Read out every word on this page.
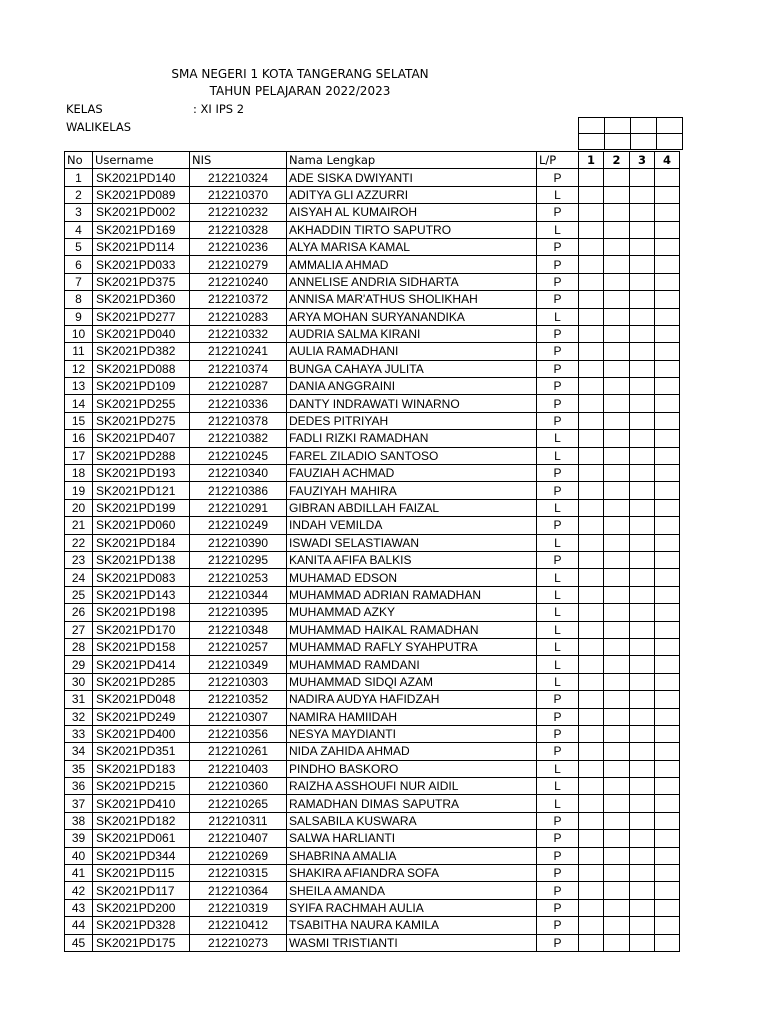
SMA NEGERI 1 KOTA TANGERANG SELATAN
TAHUN PELAJARAN 2022/2023
KELAS	: XI IPS 2
WALIKELAS

No	Username	NIS	Nama Lengkap	L/P	1	2	3	4
1	SK2021PD140	212210324	ADE SISKA DWIYANTI	P				
2	SK2021PD089	212210370	ADITYA GLI AZZURRI	L				
3	SK2021PD002	212210232	AISYAH AL KUMAIROH	P				
4	SK2021PD169	212210328	AKHADDIN TIRTO SAPUTRO	L				
5	SK2021PD114	212210236	ALYA MARISA KAMAL	P				
6	SK2021PD033	212210279	AMMALIA AHMAD	P				
7	SK2021PD375	212210240	ANNELISE ANDRIA SIDHARTA	P				
8	SK2021PD360	212210372	ANNISA MAR'ATHUS SHOLIKHAH	P				
9	SK2021PD277	212210283	ARYA MOHAN SURYANANDIKA	L				
10	SK2021PD040	212210332	AUDRIA SALMA KIRANI	P				
11	SK2021PD382	212210241	AULIA RAMADHANI	P				
12	SK2021PD088	212210374	BUNGA CAHAYA JULITA	P				
13	SK2021PD109	212210287	DANIA ANGGRAINI	P				
14	SK2021PD255	212210336	DANTY INDRAWATI WINARNO	P				
15	SK2021PD275	212210378	DEDES PITRIYAH	P				
16	SK2021PD407	212210382	FADLI RIZKI RAMADHAN	L				
17	SK2021PD288	212210245	FAREL ZILADIO SANTOSO	L				
18	SK2021PD193	212210340	FAUZIAH ACHMAD	P				
19	SK2021PD121	212210386	FAUZIYAH MAHIRA	P				
20	SK2021PD199	212210291	GIBRAN ABDILLAH FAIZAL	L				
21	SK2021PD060	212210249	INDAH VEMILDA	P				
22	SK2021PD184	212210390	ISWADI SELASTIAWAN	L				
23	SK2021PD138	212210295	KANITA AFIFA BALKIS	P				
24	SK2021PD083	212210253	MUHAMAD EDSON	L				
25	SK2021PD143	212210344	MUHAMMAD ADRIAN RAMADHAN	L				
26	SK2021PD198	212210395	MUHAMMAD AZKY	L				
27	SK2021PD170	212210348	MUHAMMAD HAIKAL RAMADHAN	L				
28	SK2021PD158	212210257	MUHAMMAD RAFLY SYAHPUTRA	L				
29	SK2021PD414	212210349	MUHAMMAD RAMDANI	L				
30	SK2021PD285	212210303	MUHAMMAD SIDQI AZAM	L				
31	SK2021PD048	212210352	NADIRA AUDYA HAFIDZAH	P				
32	SK2021PD249	212210307	NAMIRA HAMIIDAH	P				
33	SK2021PD400	212210356	NESYA MAYDIANTI	P				
34	SK2021PD351	212210261	NIDA ZAHIDA AHMAD	P				
35	SK2021PD183	212210403	PINDHO BASKORO	L				
36	SK2021PD215	212210360	RAIZHA ASSHOUFI NUR AIDIL	L				
37	SK2021PD410	212210265	RAMADHAN DIMAS SAPUTRA	L				
38	SK2021PD182	212210311	SALSABILA KUSWARA	P				
39	SK2021PD061	212210407	SALWA HARLIANTI	P				
40	SK2021PD344	212210269	SHABRINA AMALIA	P				
41	SK2021PD115	212210315	SHAKIRA AFIANDRA SOFA	P				
42	SK2021PD117	212210364	SHEILA AMANDA	P				
43	SK2021PD200	212210319	SYIFA RACHMAH AULIA	P				
44	SK2021PD328	212210412	TSABITHA NAURA KAMILA	P				
45	SK2021PD175	212210273	WASMI TRISTIANTI	P				
